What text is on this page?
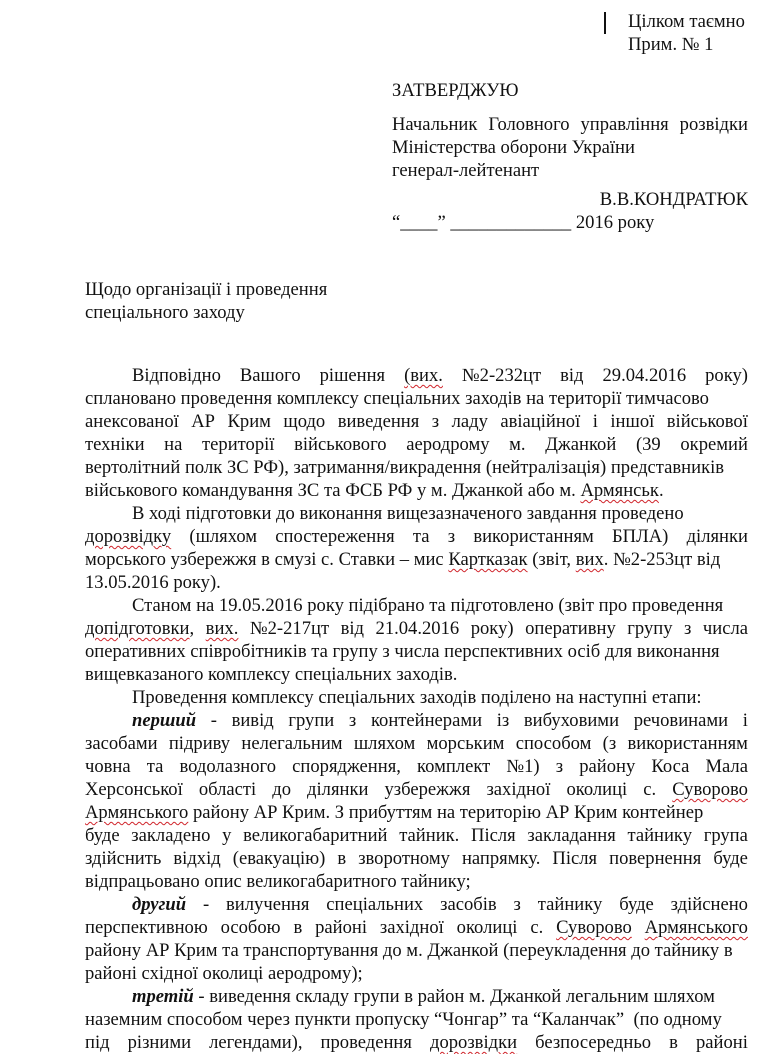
Цілком таємно
Прим. № 1
ЗАТВЕРДЖУЮ
Начальник Головного управління розвідки
Міністерства оборони України
генерал-лейтенант
В.В.КОНДРАТЮК
“____” _____________ 2016 року
Щодо організації і проведення
спеціального заходу
Відповідно Вашого рішення (вих. №2-232цт від 29.04.2016 року)
сплановано проведення комплексу спеціальних заходів на території тимчасово
анексованої АР Крим щодо виведення з ладу авіаційної і іншої військової
техніки на території військового аеродрому м. Джанкой (39 окремий
вертолітний полк ЗС РФ), затримання/викрадення (нейтралізація) представників
військового командування ЗС та ФСБ РФ у м. Джанкой або м. Армянськ.
В ході підготовки до виконання вищезазначеного завдання проведено
дорозвідку (шляхом спостереження та з використанням БПЛА) ділянки
морського узбережжя в смузі с. Ставки – мис Картказак (звіт, вих. №2-253цт від
13.05.2016 року).
Станом на 19.05.2016 року підібрано та підготовлено (звіт про проведення
допідготовки, вих. №2-217цт від 21.04.2016 року) оперативну групу з числа
оперативних співробітників та групу з числа перспективних осіб для виконання
вищевказаного комплексу спеціальних заходів.
Проведення комплексу спеціальних заходів поділено на наступні етапи:
перший - вивід групи з контейнерами із вибуховими речовинами і
засобами підриву нелегальним шляхом морським способом (з використанням
човна та водолазного спорядження, комплект №1) з району Коса Мала
Херсонської області до ділянки узбережжя західної околиці с. Суворово
Армянського району АР Крим. З прибуттям на територію АР Крим контейнер
буде закладено у великогабаритний тайник. Після закладання тайнику група
здійснить відхід (евакуацію) в зворотному напрямку. Після повернення буде
відпрацьовано опис великогабаритного тайнику;
другий - вилучення спеціальних засобів з тайнику буде здійснено
перспективною особою в районі західної околиці с. Суворово Армянського
району АР Крим та транспортування до м. Джанкой (переукладення до тайнику в
районі східної околиці аеродрому);
третій - виведення складу групи в район м. Джанкой легальним шляхом
наземним способом через пункти пропуску “Чонгар” та “Каланчак”  (по одному
під різними легендами), проведення дорозвідки безпосередньо в районі
